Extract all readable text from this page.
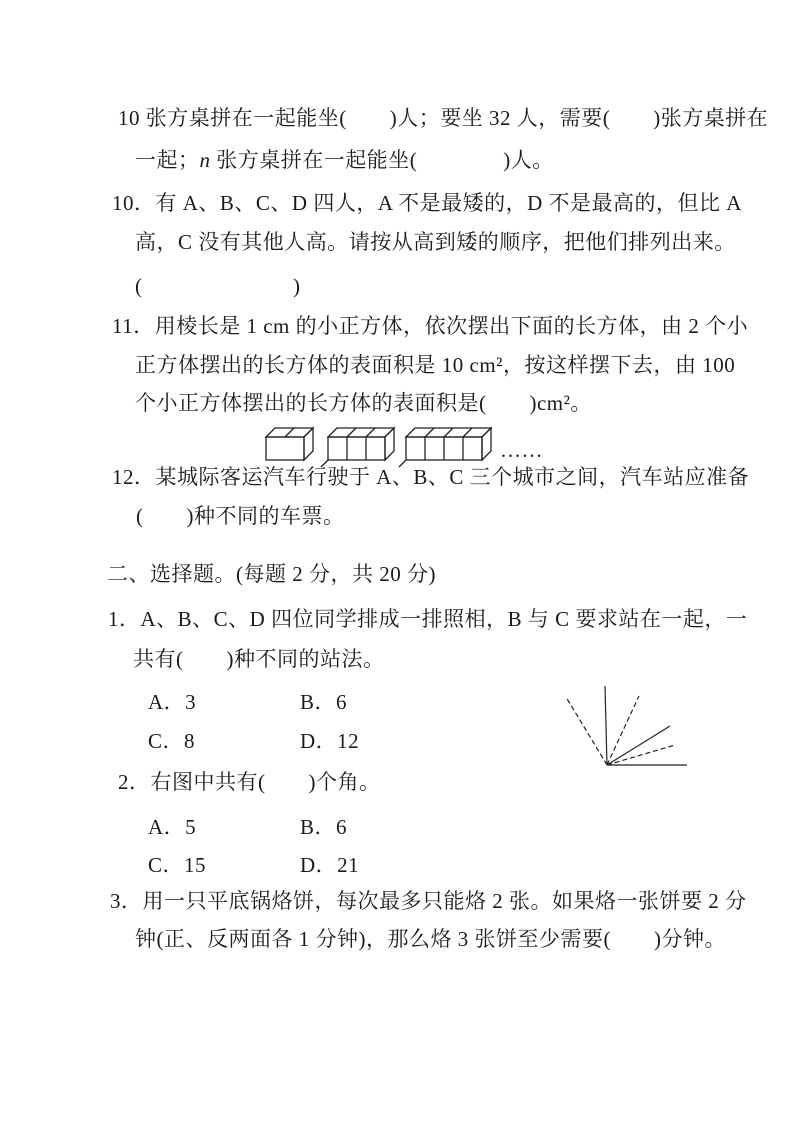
10 张方桌拼在一起能坐(　　)人；要坐 32 人，需要(　　)张方桌拼在
一起；n 张方桌拼在一起能坐(　　　　)人。
10．有 A、B、C、D 四人，A 不是最矮的，D 不是最高的，但比 A
高，C 没有其他人高。请按从高到矮的顺序，把他们排列出来。
(　　　　　　　)
11．用棱长是 1 cm 的小正方体，依次摆出下面的长方体，由 2 个小
正方体摆出的长方体的表面积是 10 cm²，按这样摆下去，由 100
个小正方体摆出的长方体的表面积是(　　)cm²。
……
12．某城际客运汽车行驶于 A、B、C 三个城市之间，汽车站应准备
(　　)种不同的车票。
二、选择题。(每题 2 分，共 20 分)
1．A、B、C、D 四位同学排成一排照相，B 与 C 要求站在一起，一
共有(　　)种不同的站法。
A．3	B．6
C．8	D．12
2．右图中共有(　　)个角。
A．5	B．6
C．15	D．21
3．用一只平底锅烙饼，每次最多只能烙 2 张。如果烙一张饼要 2 分
钟(正、反两面各 1 分钟)，那么烙 3 张饼至少需要(　　)分钟。
